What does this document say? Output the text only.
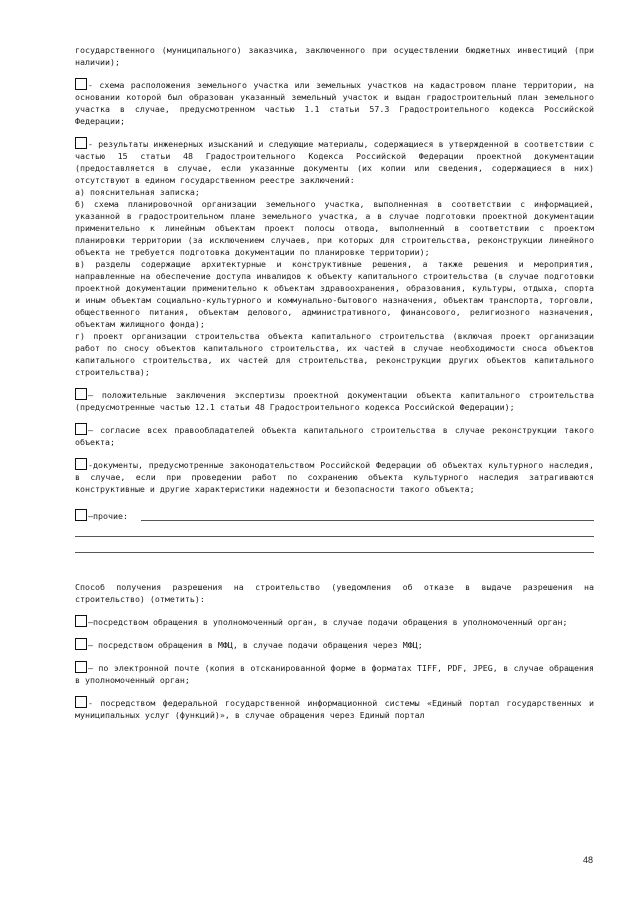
государственного (муниципального) заказчика, заключенного при осуществлении бюджетных инвестиций (при наличии);

- схема расположения земельного участка или земельных участков на кадастровом плане территории, на основании которой был образован указанный земельный участок и выдан градостроительный план земельного участка в случае, предусмотренном частью 1.1 статьи 57.3 Градостроительного кодекса Российской Федерации;

- результаты инженерных изысканий и следующие материалы, содержащиеся в утвержденной в соответствии с частью 15 статьи 48 Градостроительного Кодекса Российской Федерации проектной документации (предоставляется в случае, если указанные документы (их копии или сведения, содержащиеся в них) отсутствуют в едином государственном реестре заключений:

а) пояснительная записка;

б) схема планировочной организации земельного участка, выполненная в соответствии с информацией, указанной в градостроительном плане земельного участка, а в случае подготовки проектной документации применительно к линейным объектам проект полосы отвода, выполненный в соответствии с проектом планировки территории (за исключением случаев, при которых для строительства, реконструкции линейного объекта не требуется подготовка документации по планировке территории);

в) разделы содержащие архитектурные и конструктивные решения, а также решения и мероприятия, направленные на обеспечение доступа инвалидов к объекту капитального строительства (в случае подготовки проектной документации применительно к объектам здравоохранения, образования, культуры, отдыха, спорта и иным объектам социально-культурного и коммунально-бытового назначения, объектам транспорта, торговли, общественного питания, объектам делового, административного, финансового, религиозного назначения, объектам жилищного фонда);

г) проект организации строительства объекта капитального строительства (включая проект организации работ по сносу объектов капитального строительства, их частей в случае необходимости сноса объектов капитального строительства, их частей для строительства, реконструкции других объектов капитального строительства);

– положительные заключения экспертизы проектной документации объекта капитального строительства (предусмотренные частью 12.1 статьи 48 Градостроительного кодекса Российской Федерации);

– согласие всех правообладателей объекта капитального строительства в случае реконструкции такого объекта;

-документы, предусмотренные законодательством Российской Федерации об объектах культурного наследия, в случае, если при проведении работ по сохранению объекта культурного наследия затрагиваются конструктивные и другие характеристики надежности и безопасности такого объекта;

–прочие:

Способ получения разрешения на строительство (уведомления об отказе в выдаче разрешения на строительство) (отметить):

–посредством обращения в уполномоченный орган, в случае подачи обращения в уполномоченный орган;

– посредством обращения в МФЦ, в случае подачи обращения через МФЦ;

– по электронной почте (копия в отсканированной форме в форматах TIFF, PDF, JPEG, в случае обращения в уполномоченный орган;

- посредством федеральной государственной информационной системы «Единый портал государственных и муниципальных услуг (функций)», в случае обращения через Единый портал

48
